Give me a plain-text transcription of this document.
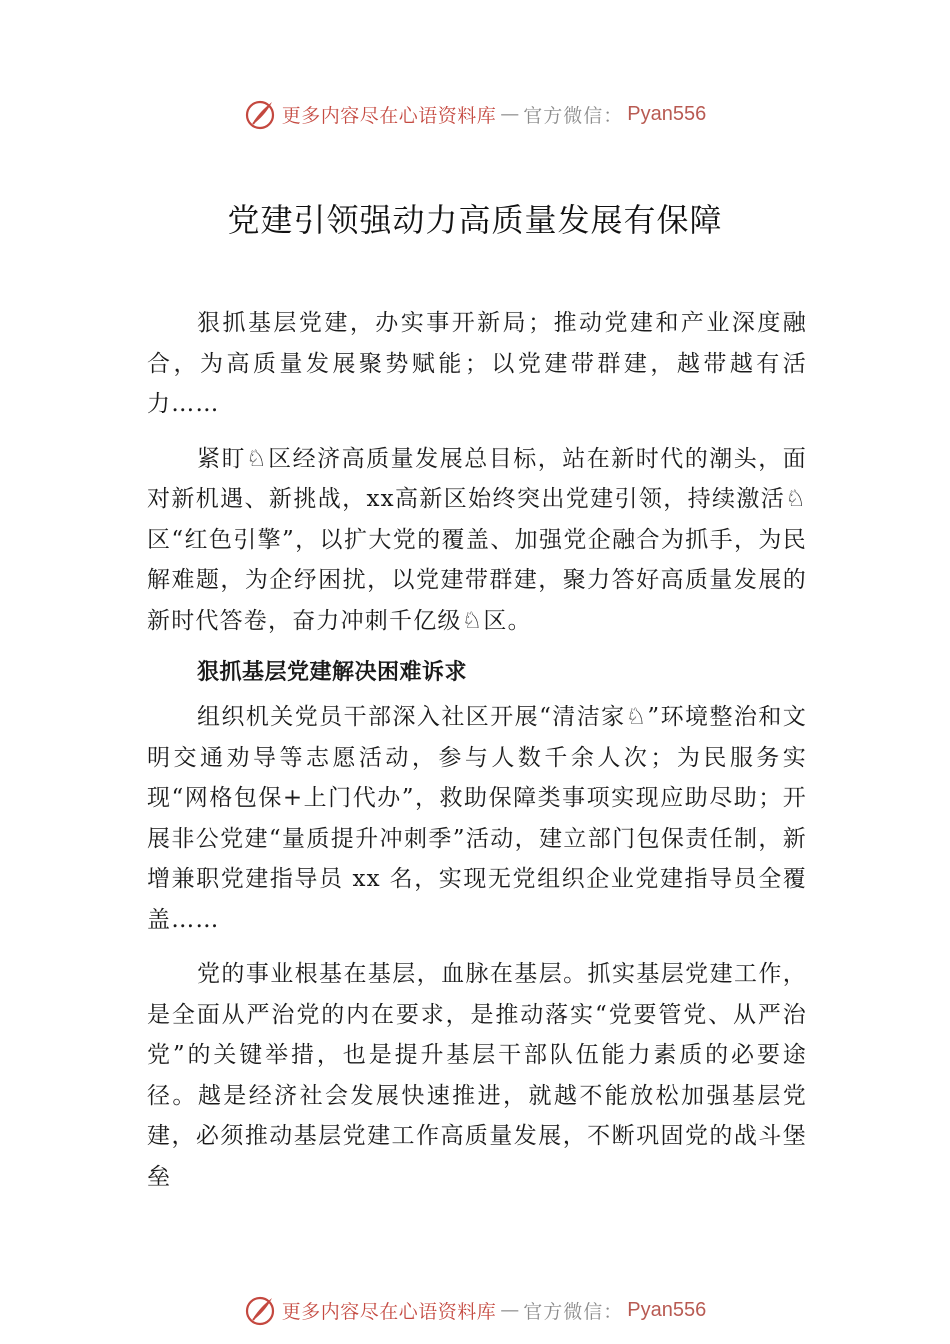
更多内容尽在心语资料库 — 官方微信： Pyan556
党建引领强动力高质量发展有保障

狠抓基层党建，办实事开新局；推动党建和产业深度融合，为高质量发展聚势赋能；以党建带群建，越带越有活力……

紧盯♘区经济高质量发展总目标，站在新时代的潮头，面对新机遇、新挑战，xx高新区始终突出党建引领，持续激活♘区“红色引擎”，以扩大党的覆盖、加强党企融合为抓手，为民解难题，为企纾困扰，以党建带群建，聚力答好高质量发展的新时代答卷，奋力冲刺千亿级♘区。

狠抓基层党建解决困难诉求

组织机关党员干部深入社区开展“清洁家♘”环境整治和文明交通劝导等志愿活动，参与人数千余人次；为民服务实现“网格包保+上门代办”，救助保障类事项实现应助尽助；开展非公党建“量质提升冲刺季”活动，建立部门包保责任制，新增兼职党建指导员 xx 名，实现无党组织企业党建指导员全覆盖……

党的事业根基在基层，血脉在基层。抓实基层党建工作，是全面从严治党的内在要求，是推动落实“党要管党、从严治党”的关键举措，也是提升基层干部队伍能力素质的必要途径。越是经济社会发展快速推进，就越不能放松加强基层党建，必须推动基层党建工作高质量发展，不断巩固党的战斗堡垒

更多内容尽在心语资料库 — 官方微信： Pyan556
